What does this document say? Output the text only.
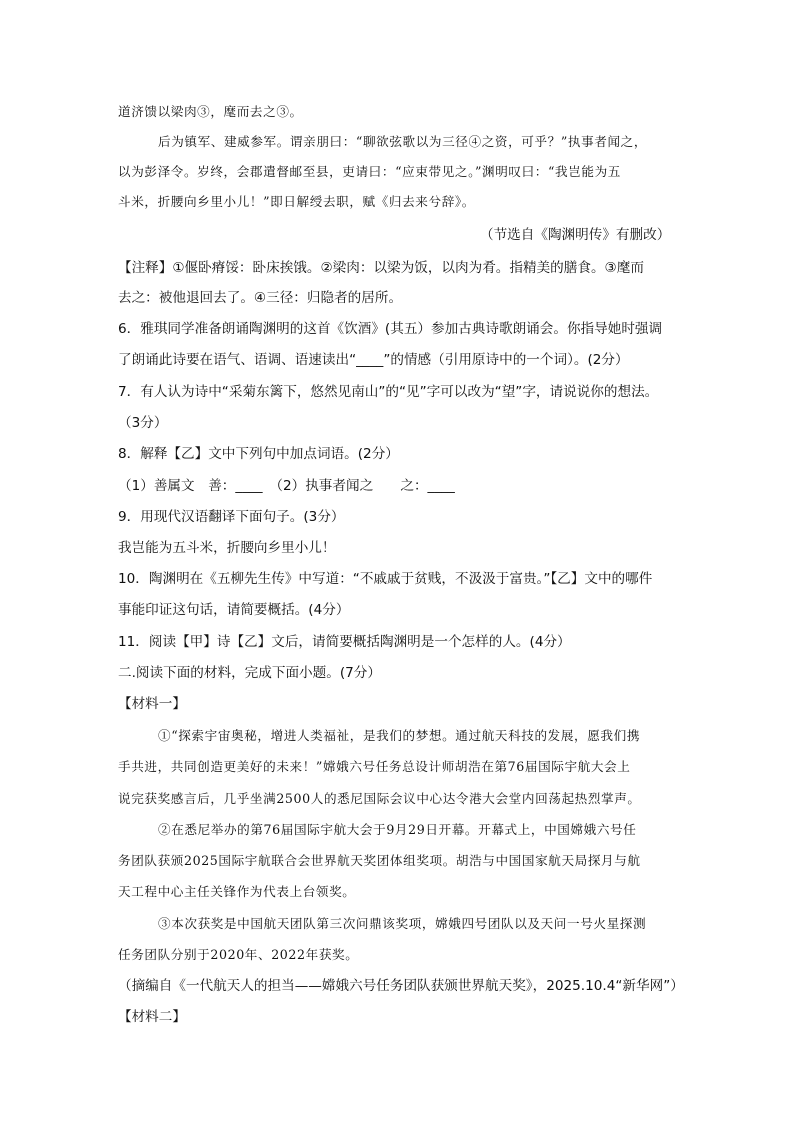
道济馈以梁肉③，麾而去之③。
后为镇军、建威参军。谓亲朋曰：“聊欲弦歌以为三径④之资，可乎？”执事者闻之，
以为彭泽令。岁终，会郡遣督邮至县，吏请曰：“应束带见之。”渊明叹曰：“我岂能为五
斗米，折腰向乡里小儿！”即日解绶去职，赋《归去来兮辞》。
（节选自《陶渊明传》有删改）
【注释】①偃卧瘠馁：卧床挨饿。②梁肉：以梁为饭，以肉为肴。指精美的膳食。③麾而
去之：被他退回去了。④三径：归隐者的居所。
6．雅琪同学准备朗诵陶渊明的这首《饮酒》(其五）参加古典诗歌朗诵会。你指导她时强调
了朗诵此诗要在语气、语调、语速读出“____”的情感（引用原诗中的一个词）。(2分）
7．有人认为诗中“采菊东篱下，悠然见南山”的“见”字可以改为“望”字，请说说你的想法。
（3分）
8．解释【乙】文中下列句中加点词语。(2分）
（1）善属文　善：____　（2）执事者闻之　　之：____
9．用现代汉语翻译下面句子。(3分）
我岂能为五斗米，折腰向乡里小儿！
10．陶渊明在《五柳先生传》中写道：“不戚戚于贫贱，不汲汲于富贵。”【乙】文中的哪件
事能印证这句话，请简要概括。(4分）
11．阅读【甲】诗【乙】文后，请简要概括陶渊明是一个怎样的人。(4分）
二.阅读下面的材料，完成下面小题。(7分）
【材料一】
①“探索宇宙奥秘，增进人类福祉，是我们的梦想。通过航天科技的发展，愿我们携
手共进，共同创造更美好的未来！”嫦娥六号任务总设计师胡浩在第76届国际宇航大会上
说完获奖感言后，几乎坐满2500人的悉尼国际会议中心达令港大会堂内回荡起热烈掌声。
②在悉尼举办的第76届国际宇航大会于9月29日开幕。开幕式上，中国嫦娥六号任
务团队获颁2025国际宇航联合会世界航天奖团体组奖项。胡浩与中国国家航天局探月与航
天工程中心主任关锋作为代表上台领奖。
③本次获奖是中国航天团队第三次问鼎该奖项，嫦娥四号团队以及天问一号火星探测
任务团队分别于2020年、2022年获奖。
（摘编自《一代航天人的担当——嫦娥六号任务团队获颁世界航天奖》，2025.10.4“新华网”）
【材料二】
